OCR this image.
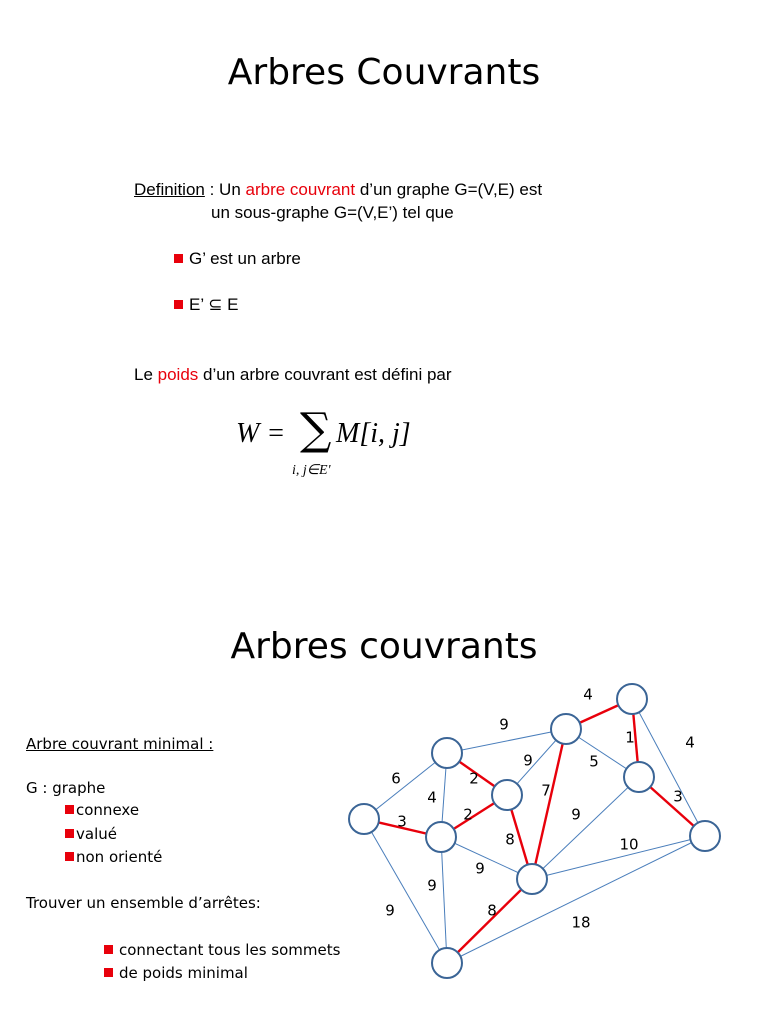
Arbres Couvrants
Definition : Un arbre couvrant d’un graphe G=(V,E) est
un sous-graphe G=(V,E’) tel que
G’ est un arbre
E’ ⊆ E
Le poids d’un arbre couvrant est défini par
W = ∑
i, j∈E'
M[i, j]
Arbres couvrants
Arbre couvrant minimal :
G : graphe
connexe
valué
non orienté
Trouver un ensemble d’arrêtes:
connectant tous les sommets
de poids minimal
6
3
9
4
2
9
2
9
9
9
8
7
4
5
1	4
3
9
10
8
18
